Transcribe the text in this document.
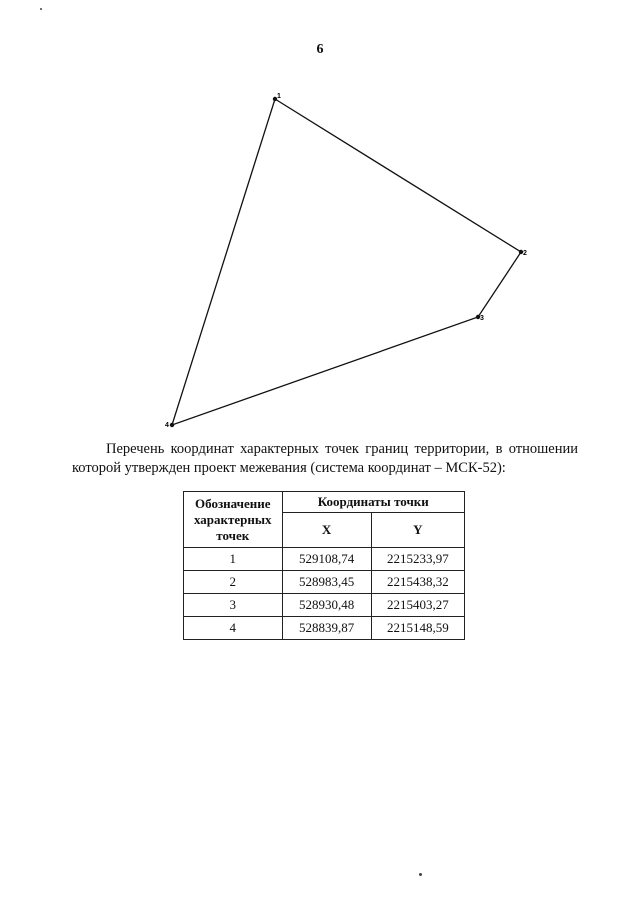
6
1
2
3
4
Перечень координат характерных точек границ территории, в отношении которой утвержден проект межевания (система координат – МСК-52):
Обозначение характерных точек	Координаты точки	
	X	Y
1	529108,74	2215233,97
2	528983,45	2215438,32
3	528930,48	2215403,27
4	528839,87	2215148,59
